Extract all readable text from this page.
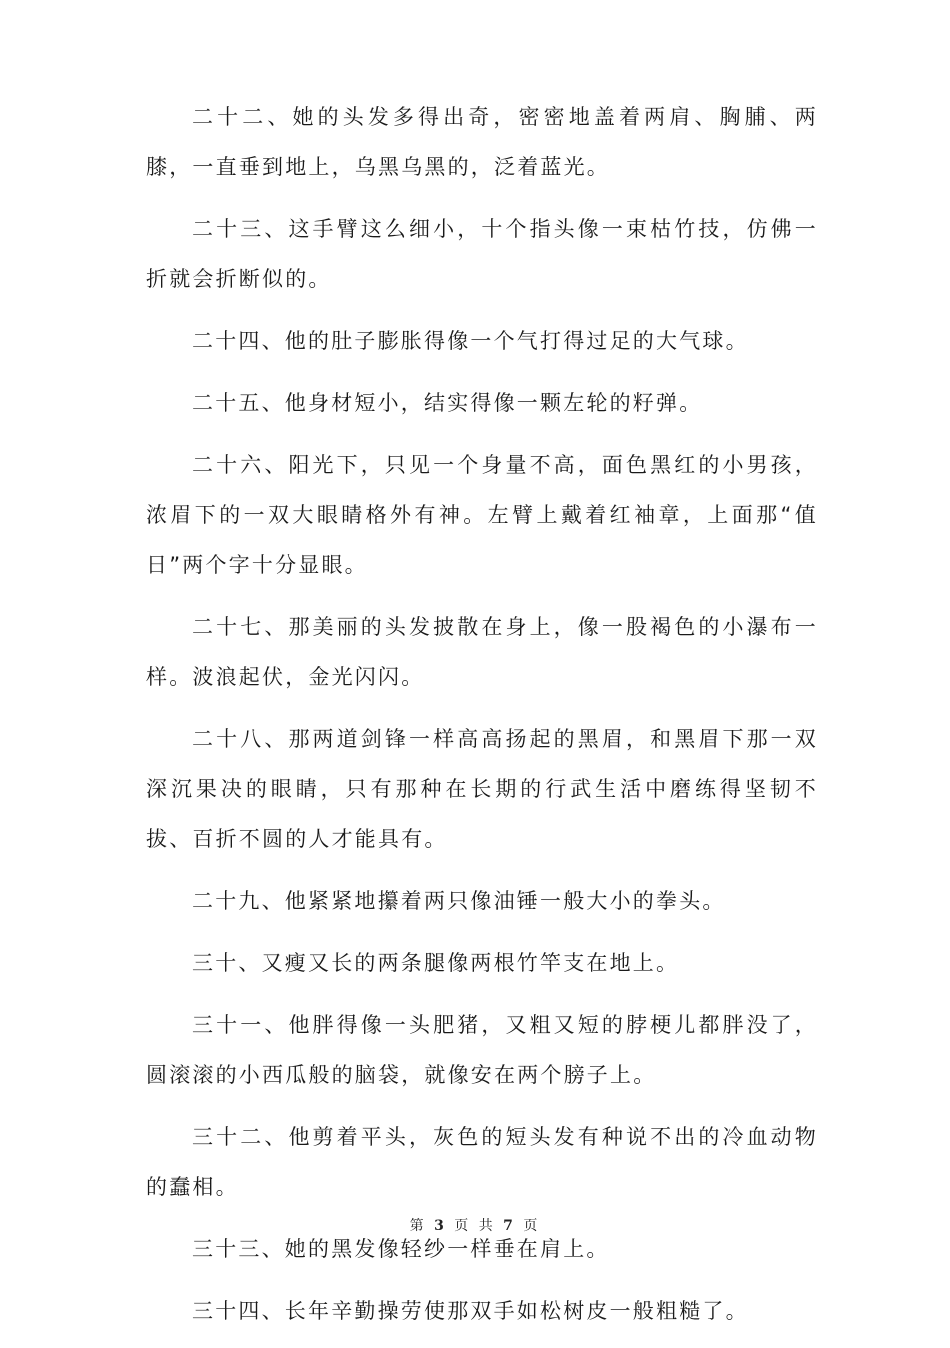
二十二、她的头发多得出奇，密密地盖着两肩、胸脯、两膝，一直垂到地上，乌黑乌黑的，泛着蓝光。

二十三、这手臂这么细小，十个指头像一束枯竹技，仿佛一折就会折断似的。

二十四、他的肚子膨胀得像一个气打得过足的大气球。

二十五、他身材短小，结实得像一颗左轮的籽弹。

二十六、阳光下，只见一个身量不高，面色黑红的小男孩，浓眉下的一双大眼睛格外有神。左臂上戴着红袖章，上面那“值日”两个字十分显眼。

二十七、那美丽的头发披散在身上，像一股褐色的小瀑布一样。波浪起伏，金光闪闪。

二十八、那两道剑锋一样高高扬起的黑眉，和黑眉下那一双深沉果决的眼睛，只有那种在长期的行武生活中磨练得坚韧不拔、百折不圆的人才能具有。

二十九、他紧紧地攥着两只像油锤一般大小的拳头。

三十、又瘦又长的两条腿像两根竹竿支在地上。

三十一、他胖得像一头肥猪，又粗又短的脖梗儿都胖没了，圆滚滚的小西瓜般的脑袋，就像安在两个膀子上。

三十二、他剪着平头，灰色的短头发有种说不出的冷血动物的蠢相。

三十三、她的黑发像轻纱一样垂在肩上。

三十四、长年辛勤操劳使那双手如松树皮一般粗糙了。

第 3 页 共 7 页
